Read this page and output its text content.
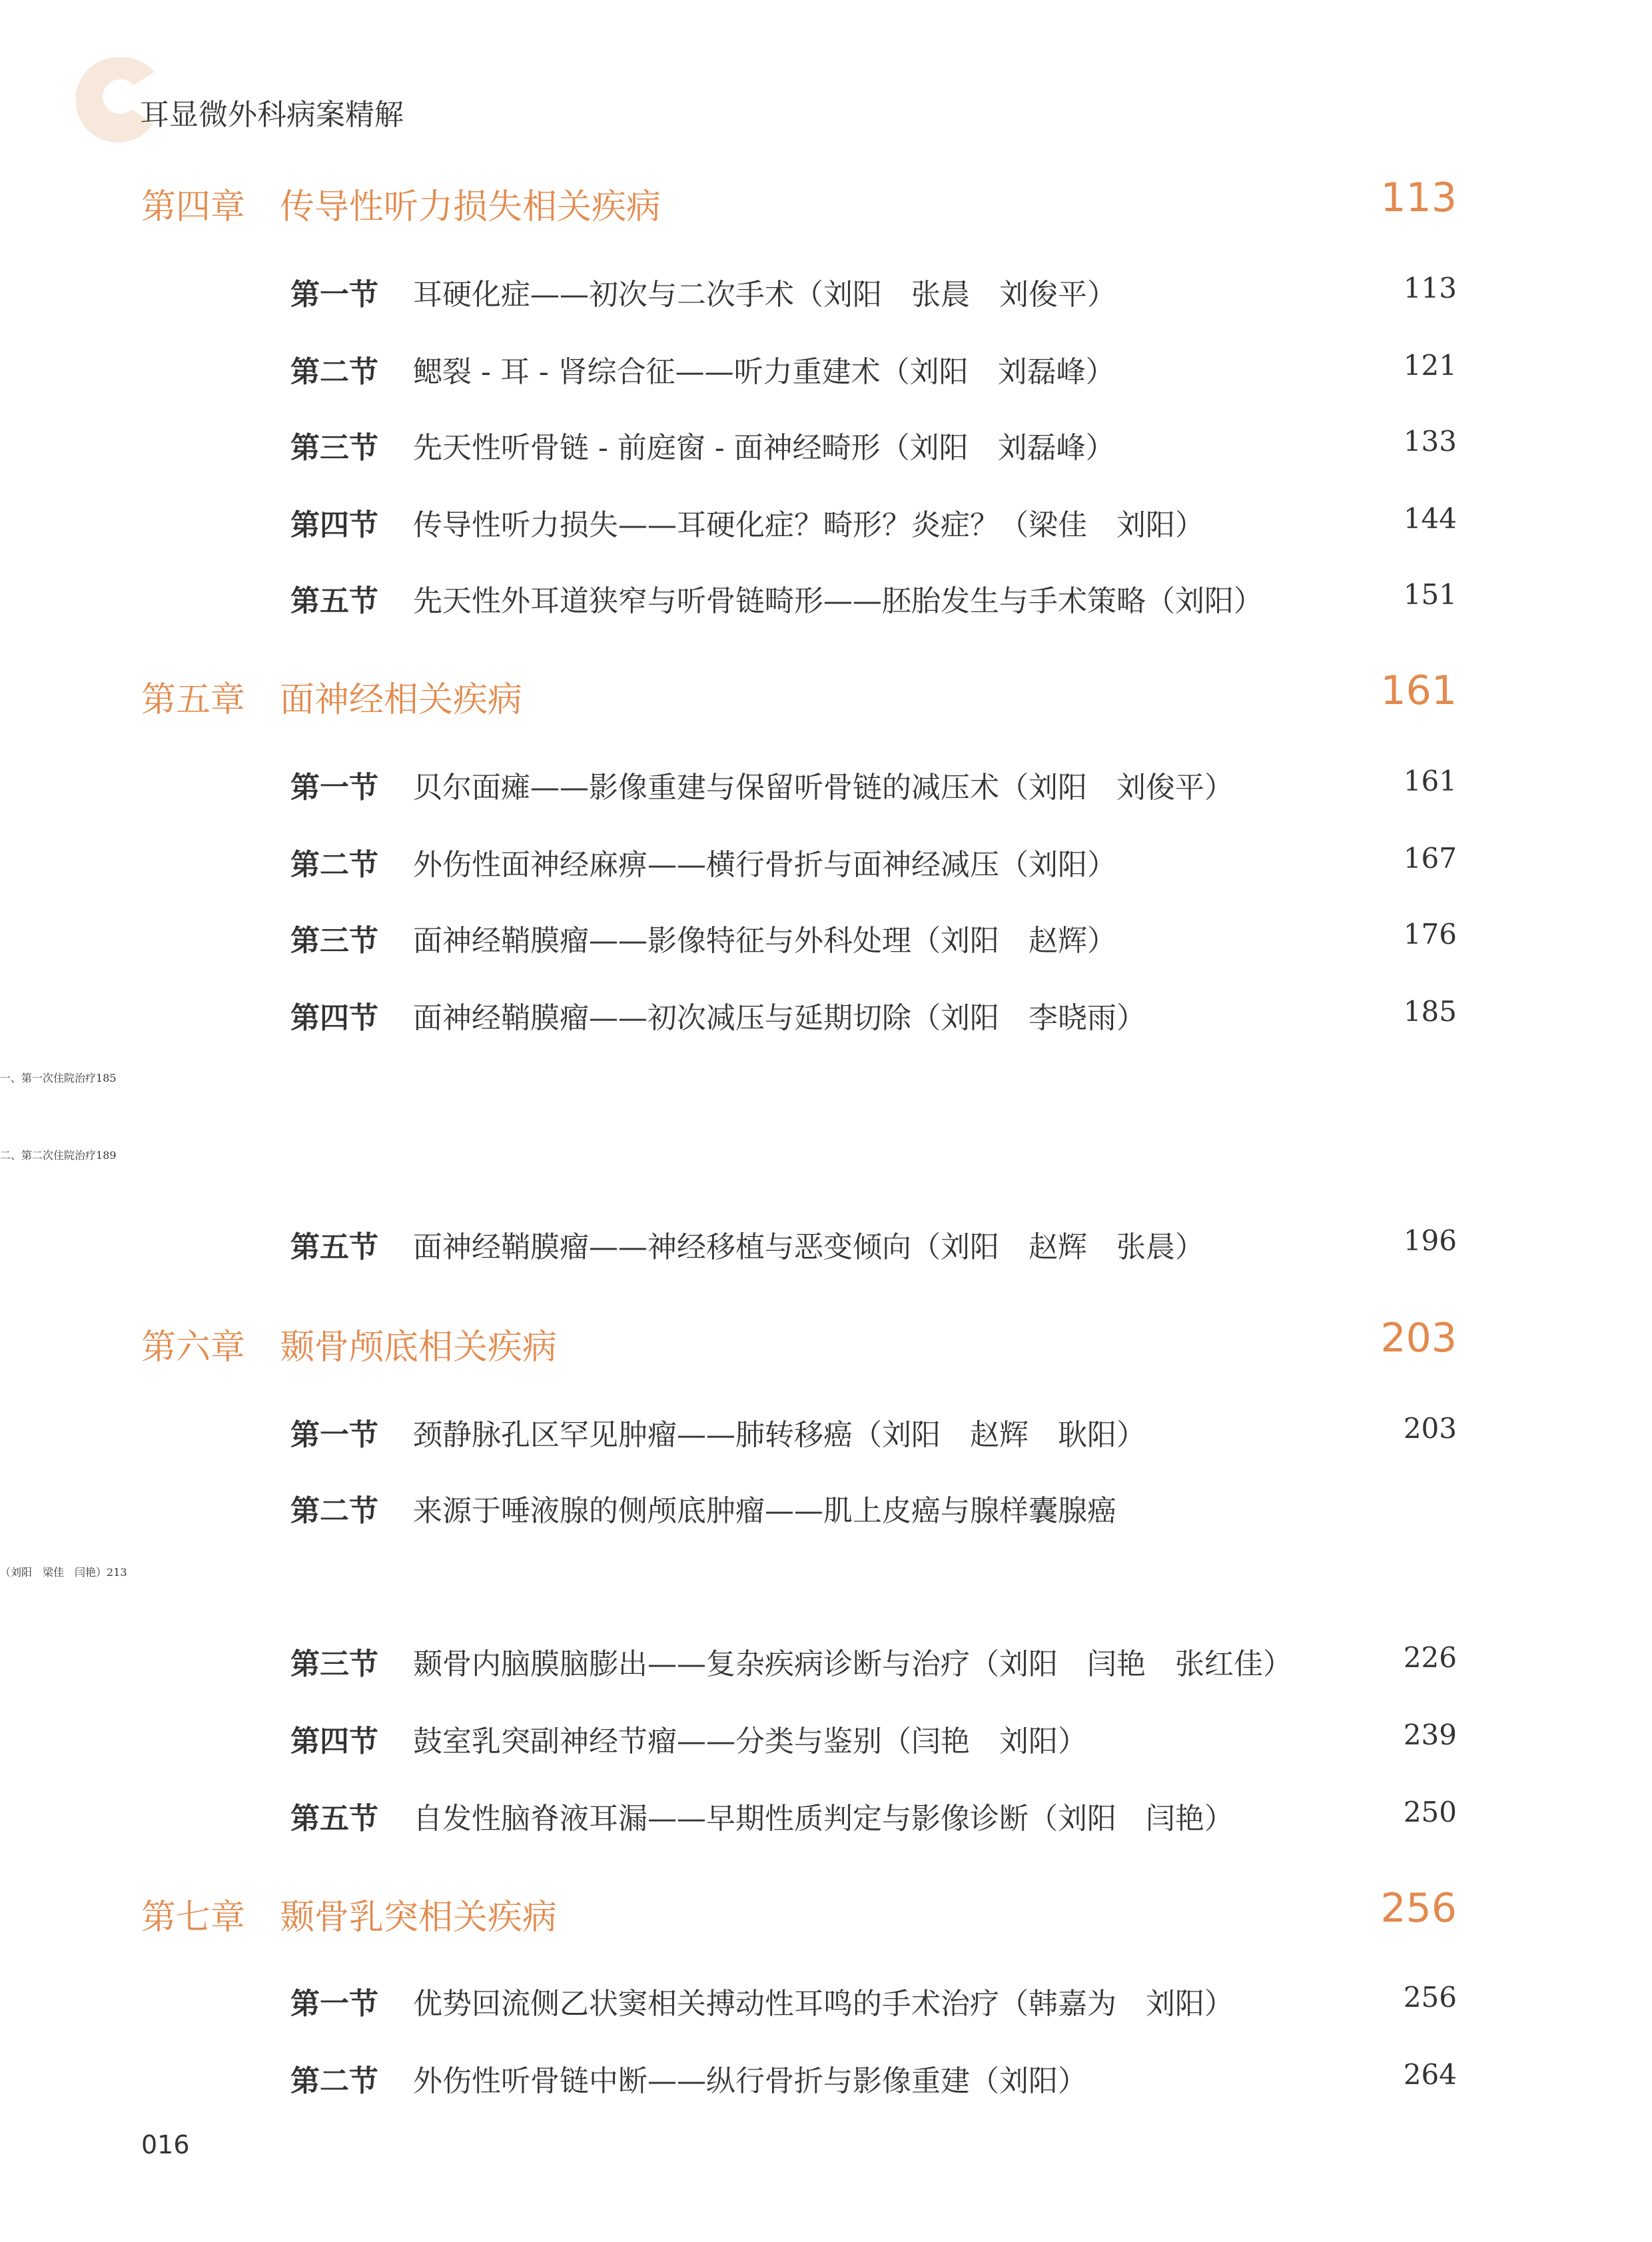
耳显微外科病案精解
第四章 传导性听力损失相关疾病	113
第一节 耳硬化症——初次与二次手术（刘阳　张晨　刘俊平）	113
第二节 鳃裂 - 耳 - 肾综合征——听力重建术（刘阳　刘磊峰）	121
第三节 先天性听骨链 - 前庭窗 - 面神经畸形（刘阳　刘磊峰）	133
第四节 传导性听力损失——耳硬化症？畸形？炎症？（梁佳　刘阳）	144
第五节 先天性外耳道狭窄与听骨链畸形——胚胎发生与手术策略（刘阳）	151
第五章 面神经相关疾病	161
第一节 贝尔面瘫——影像重建与保留听骨链的减压术（刘阳　刘俊平）	161
第二节 外伤性面神经麻痹——横行骨折与面神经减压（刘阳）	167
第三节 面神经鞘膜瘤——影像特征与外科处理（刘阳　赵辉）	176
第四节 面神经鞘膜瘤——初次减压与延期切除（刘阳　李晓雨）	185
一、第一次住院治疗185
二、第二次住院治疗189
第五节 面神经鞘膜瘤——神经移植与恶变倾向（刘阳　赵辉　张晨）	196
第六章 颞骨颅底相关疾病	203
第一节 颈静脉孔区罕见肿瘤——肺转移癌（刘阳　赵辉　耿阳）	203
第二节 来源于唾液腺的侧颅底肿瘤——肌上皮癌与腺样囊腺癌
（刘阳　梁佳　闫艳）213
第三节 颞骨内脑膜脑膨出——复杂疾病诊断与治疗（刘阳　闫艳　张红佳）	226
第四节 鼓室乳突副神经节瘤——分类与鉴别（闫艳　刘阳）	239
第五节 自发性脑脊液耳漏——早期性质判定与影像诊断（刘阳　闫艳）	250
第七章 颞骨乳突相关疾病	256
第一节 优势回流侧乙状窦相关搏动性耳鸣的手术治疗（韩嘉为　刘阳）	256
第二节 外伤性听骨链中断——纵行骨折与影像重建（刘阳）	264
016
